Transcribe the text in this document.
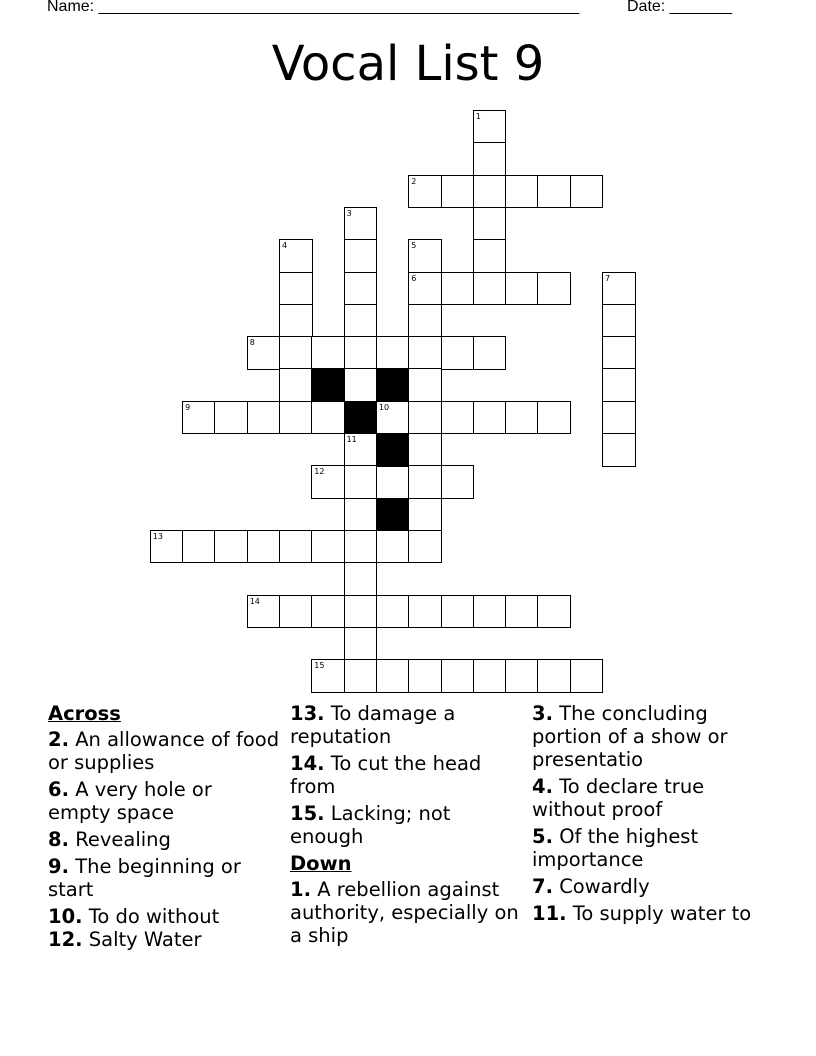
Name: ______________________________________________________	Date: _______
Vocal List 9
1
2
3
4	5
6	7
8
9	10
11
12
13
14
15
Across
2. An allowance of food or supplies
6. A very hole or empty space
8. Revealing
9. The beginning or start
10. To do without
12. Salty Water
13. To damage a reputation
14. To cut the head from
15. Lacking; not enough
Down
1. A rebellion against authority, especially on a ship
3. The concluding portion of a show or presentatio
4. To declare true without proof
5. Of the highest importance
7. Cowardly
11. To supply water to
